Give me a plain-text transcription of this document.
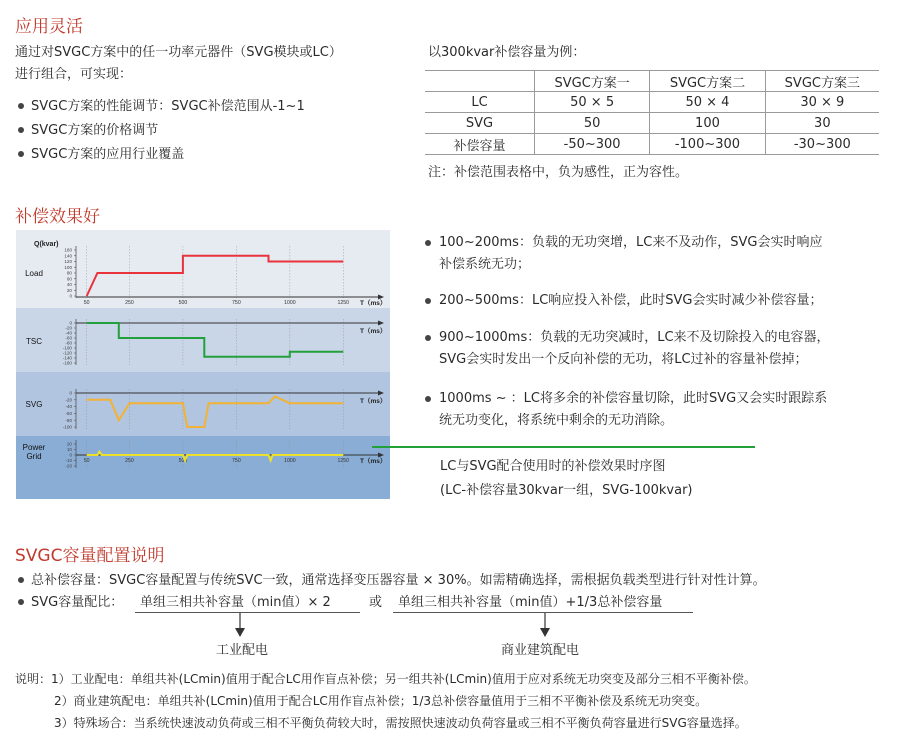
应用灵活
补偿效果好
SVGC容量配置说明
通过对SVGC方案中的任一功率元器件（SVG模块或LC）
进行组合，可实现：
SVGC方案的性能调节：SVGC补偿范围从-1~1
SVGC方案的价格调节
SVGC方案的应用行业覆盖
以300kvar补偿容量为例：
	SVGC方案一	SVGC方案二	SVGC方案三
LC	50 × 5	50 × 4	30 × 9
SVG	50	100	30
补偿容量	-50~300	-100~300	-30~300
注：补偿范围表格中，负为感性，正为容性。
Q(kvar)
160
140
120
100
80
60
40
20
0
50	250	500	750	1000	1250 T（ms）
Load
0
-20
-40
-60
-80
-100
-120
-140
-160
T（ms）
TSC
0
-20
-40
-60
-80
-100
T（ms）
SVG
20
10
0
-10
-20
50	250	500	750	1000	1250 T（ms）
Power
Grid
100~200ms：负载的无功突增，LC来不及动作，SVG会实时响应
补偿系统无功；
200~500ms：LC响应投入补偿，此时SVG会实时减少补偿容量；
900~1000ms：负载的无功突减时，LC来不及切除投入的电容器，
SVG会实时发出一个反向补偿的无功，将LC过补的容量补偿掉；
1000ms ~ ：LC将多余的补偿容量切除，此时SVG又会实时跟踪系
统无功变化，将系统中剩余的无功消除。
LC与SVG配合使用时的补偿效果时序图
(LC-补偿容量30kvar一组，SVG-100kvar)
总补偿容量：SVGC容量配置与传统SVC一致，通常选择变压器容量 × 30%。如需精确选择，需根据负载类型进行针对性计算。
SVG容量配比： 单组三相共补容量（min值）× 2	或 单组三相共补容量（min值）+1/3总补偿容量
工业配电	商业建筑配电
说明：1）工业配电：单组共补(LCmin)值用于配合LC用作盲点补偿；另一组共补(LCmin)值用于应对系统无功突变及部分三相不平衡补偿。
2）商业建筑配电：单组共补(LCmin)值用于配合LC用作盲点补偿；1/3总补偿容量值用于三相不平衡补偿及系统无功突变。
3）特殊场合：当系统快速波动负荷或三相不平衡负荷较大时，需按照快速波动负荷容量或三相不平衡负荷容量进行SVG容量选择。
